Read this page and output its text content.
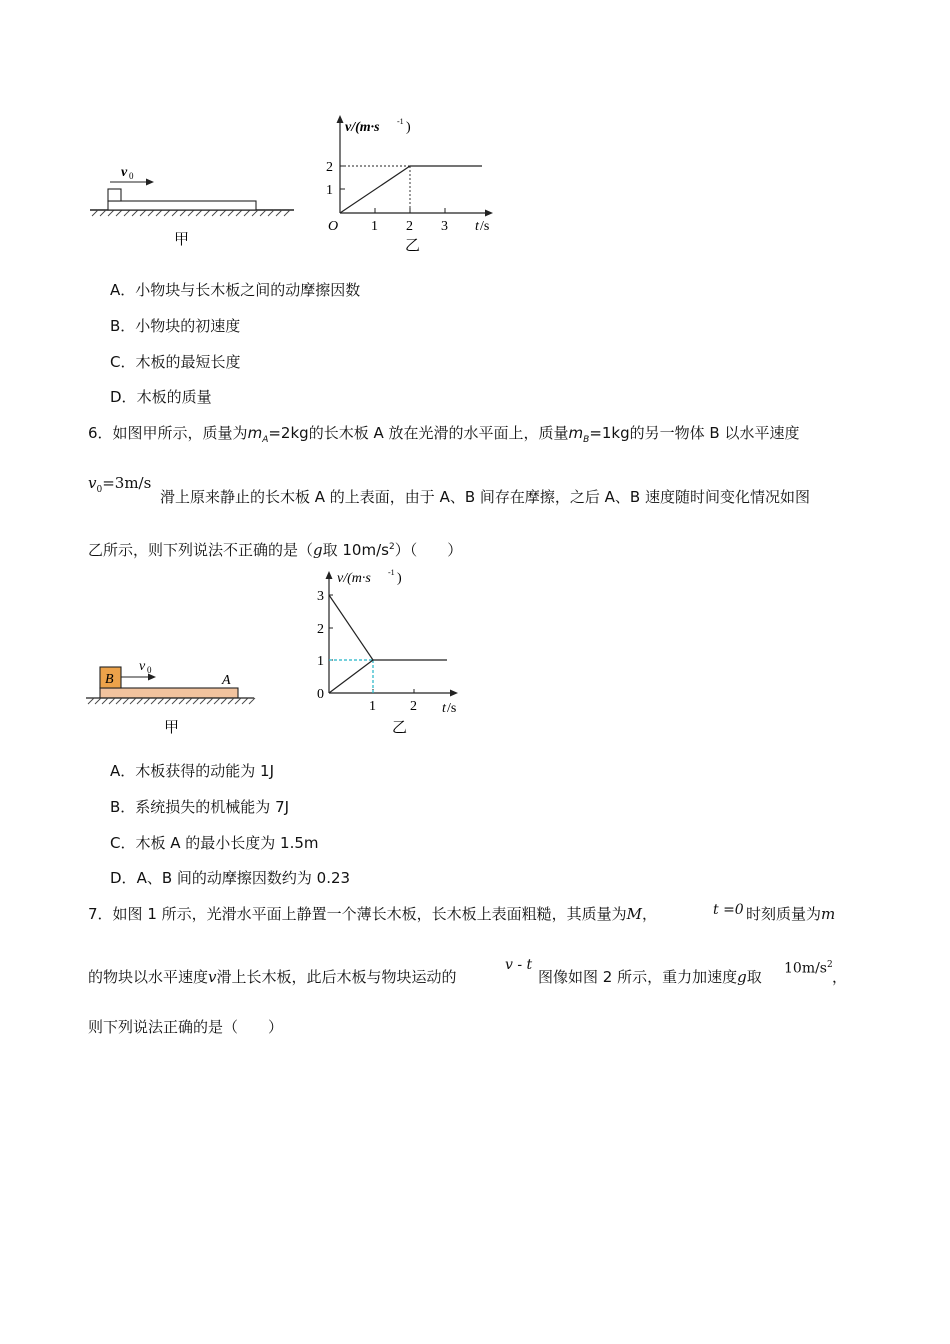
v 0
甲
v/(m·s -1 )
1
2
O 1 2 3 t /s
乙
A．小物块与长木板之间的动摩擦因数
B．小物块的初速度
C．木板的最短长度
D．木板的质量
6．如图甲所示，质量为$m_A=2kg$的长木板 A 放在光滑的水平面上，质量$m_B=1kg$的另一物体 B 以水平速度
$v_0=3m/s$
滑上原来静止的长木板 A 的上表面，由于 A、B 间存在摩擦，之后 A、B 速度随时间变化情况如图
乙所示，则下列说法不正确的是（g取 $10m/s^2$）（　　）
B	A
v 0
甲
v/(m·s -1 )
1
2
3
0
1 2 t /s
乙
A．木板获得的动能为 1J
B．系统损失的机械能为 7J
C．木板 A 的最小长度为 1.5m
D．A、B 间的动摩擦因数约为 0.23
7．如图 1 所示，光滑水平面上静置一个薄长木板，长木板上表面粗糙，其质量为M，	t =0 时刻质量为m
的物块以水平速度v滑上长木板，此后木板与物块运动的
v - t
图像如图 2 所示，重力加速度g取 $10m/s^2$
，
则下列说法正确的是（　　）
